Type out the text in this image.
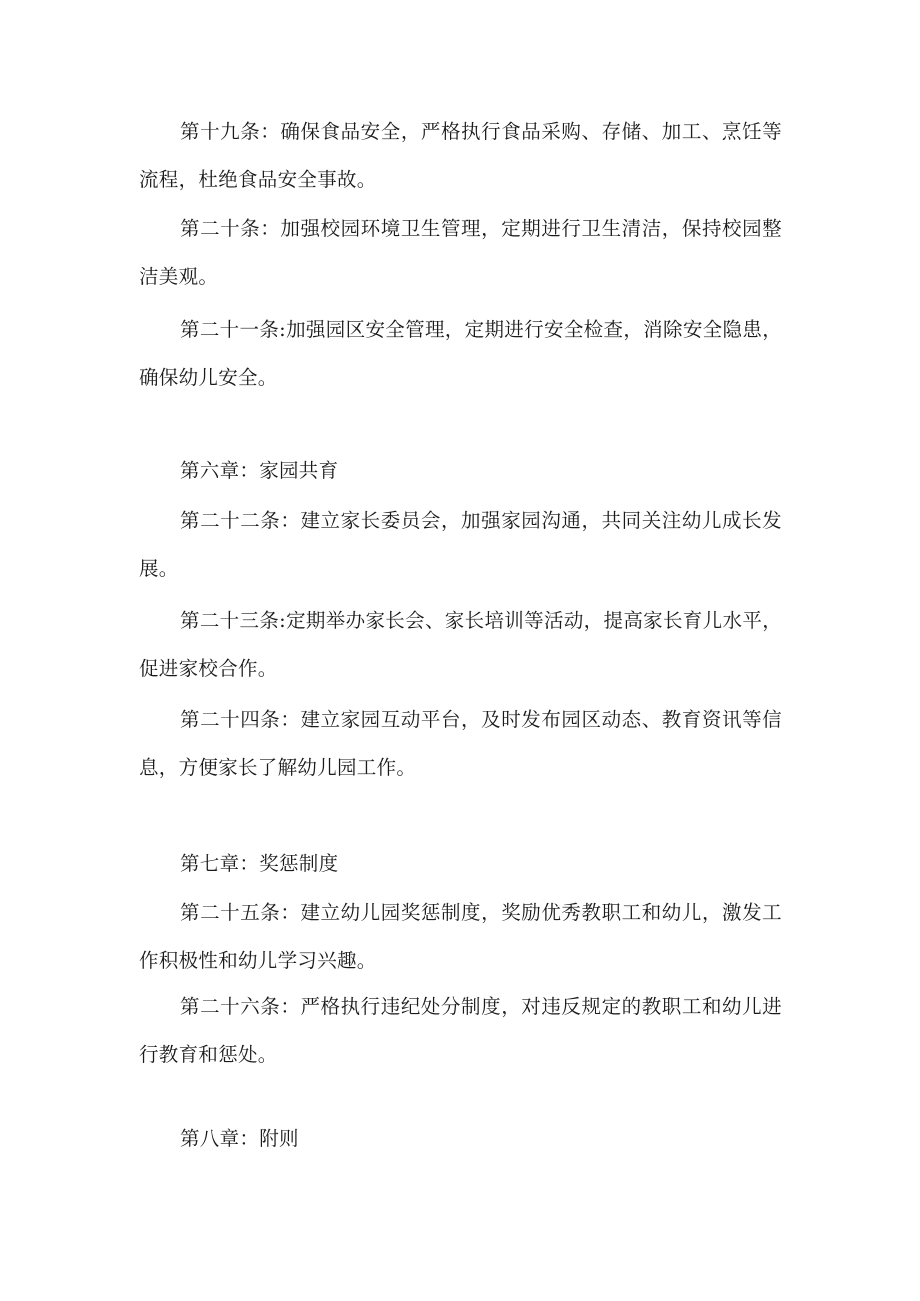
第十九条：确保食品安全，严格执行食品采购、存储、加工、烹饪等流程，杜绝食品安全事故。

第二十条：加强校园环境卫生管理，定期进行卫生清洁，保持校园整洁美观。

第二十一条:加强园区安全管理，定期进行安全检查，消除安全隐患，确保幼儿安全。

第六章：家园共育

第二十二条：建立家长委员会，加强家园沟通，共同关注幼儿成长发展。

第二十三条:定期举办家长会、家长培训等活动，提高家长育儿水平，促进家校合作。

第二十四条：建立家园互动平台，及时发布园区动态、教育资讯等信息，方便家长了解幼儿园工作。

第七章：奖惩制度

第二十五条：建立幼儿园奖惩制度，奖励优秀教职工和幼儿，激发工作积极性和幼儿学习兴趣。

第二十六条：严格执行违纪处分制度，对违反规定的教职工和幼儿进行教育和惩处。

第八章：附则
